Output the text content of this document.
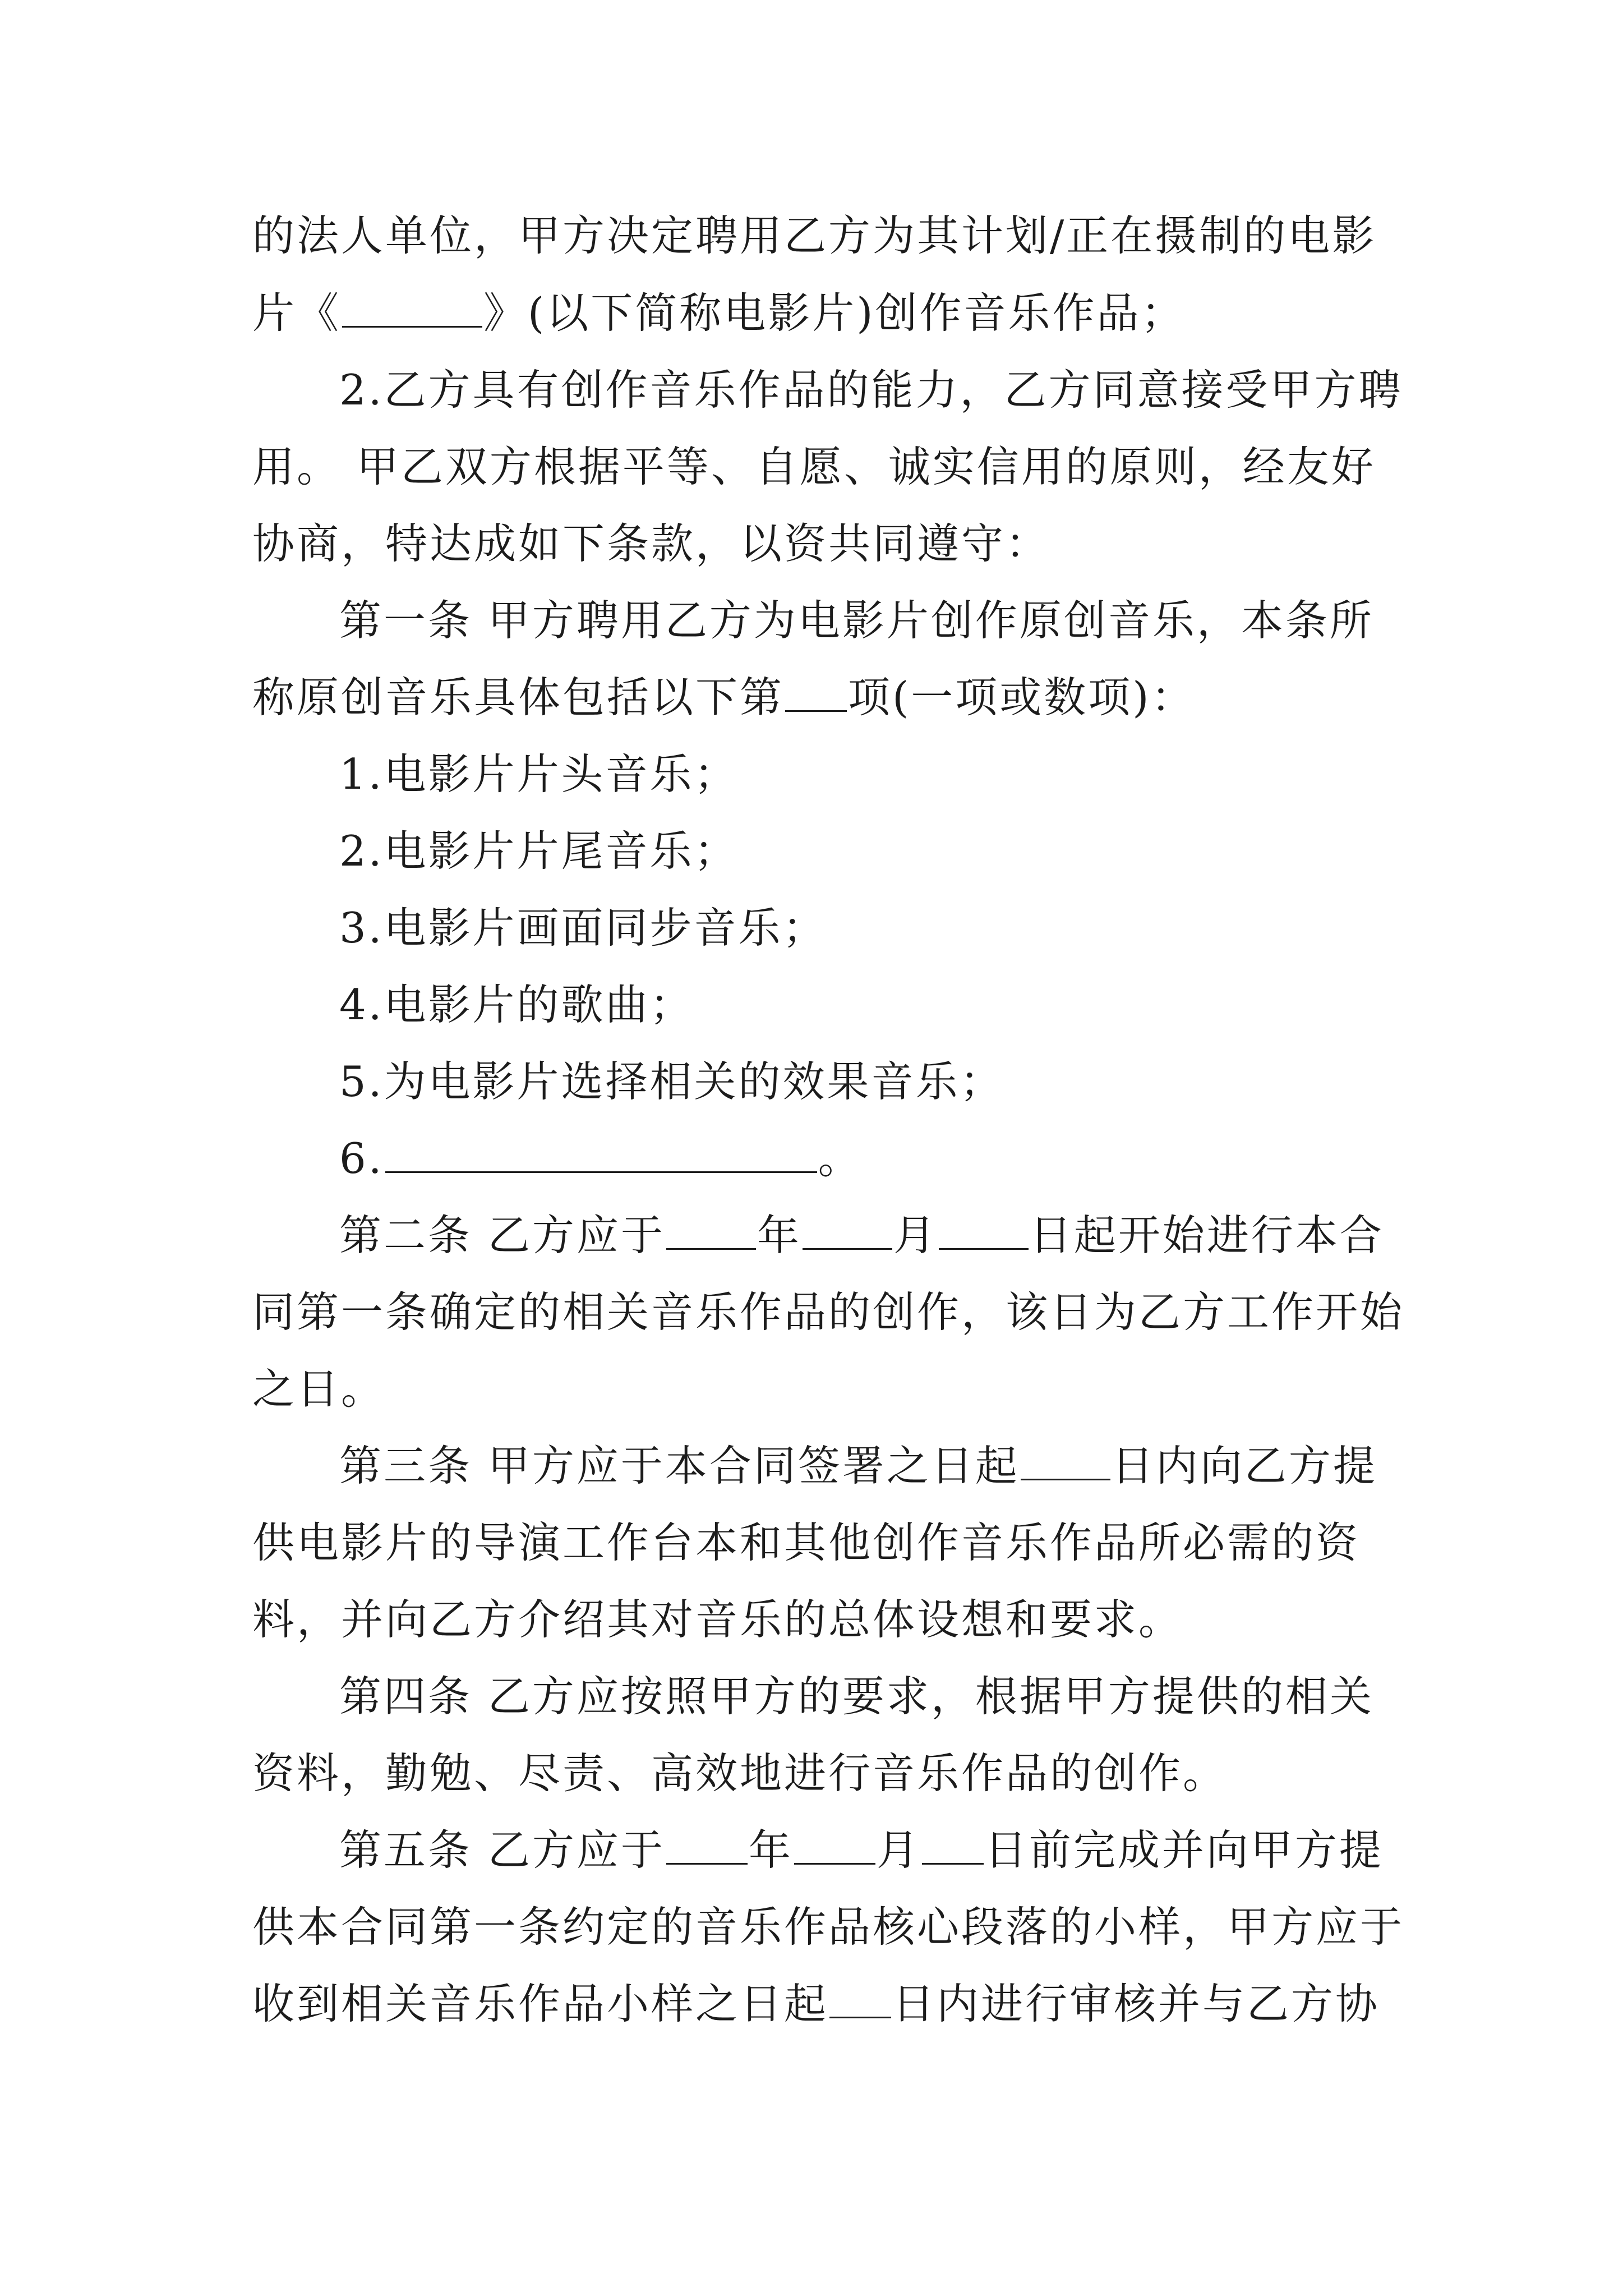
的法人单位，甲方决定聘用乙方为其计划/正在摄制的电影
片《	》(以下简称电影片)创作音乐作品；
2.乙方具有创作音乐作品的能力，乙方同意接受甲方聘
用。 甲乙双方根据平等、自愿、诚实信用的原则，经友好
协商，特达成如下条款，以资共同遵守：
第一条 甲方聘用乙方为电影片创作原创音乐，本条所
称原创音乐具体包括以下第 项(一项或数项)：
1.电影片片头音乐；
2.电影片片尾音乐；
3.电影片画面同步音乐；
4.电影片的歌曲；
5.为电影片选择相关的效果音乐；
6.	。
第二条 乙方应于 年 月 日起开始进行本合
同第一条确定的相关音乐作品的创作，该日为乙方工作开始
之日。
第三条 甲方应于本合同签署之日起 日内向乙方提
供电影片的导演工作台本和其他创作音乐作品所必需的资
料，并向乙方介绍其对音乐的总体设想和要求。
第四条 乙方应按照甲方的要求，根据甲方提供的相关
资料，勤勉、尽责、高效地进行音乐作品的创作。
第五条 乙方应于 年 月 日前完成并向甲方提
供本合同第一条约定的音乐作品核心段落的小样，甲方应于
收到相关音乐作品小样之日起 日内进行审核并与乙方协
